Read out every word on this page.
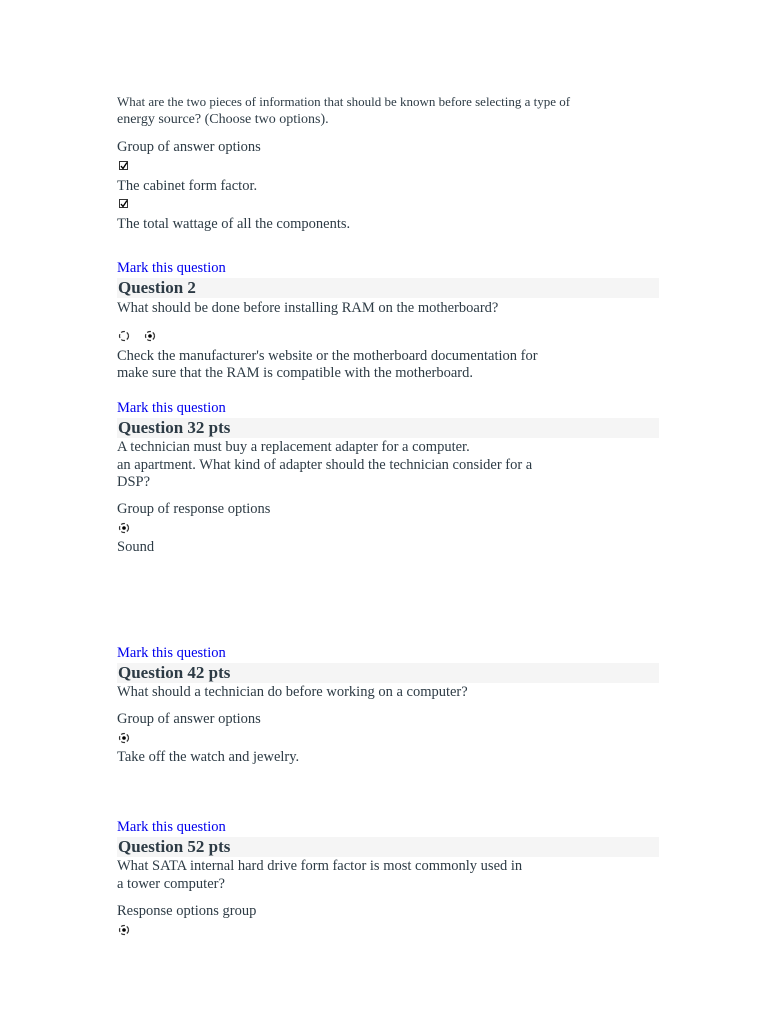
What are the two pieces of information that should be known before selecting a type of
energy source? (Choose two options).
Group of answer options
The cabinet form factor.
The total wattage of all the components.
Mark this question
Question 2
What should be done before installing RAM on the motherboard?
Check the manufacturer's website or the motherboard documentation for
make sure that the RAM is compatible with the motherboard.
Mark this question
Question 32 pts
A technician must buy a replacement adapter for a computer.
an apartment. What kind of adapter should the technician consider for a
DSP?
Group of response options
Sound
Mark this question
Question 42 pts
What should a technician do before working on a computer?
Group of answer options
Take off the watch and jewelry.
Mark this question
Question 52 pts
What SATA internal hard drive form factor is most commonly used in
a tower computer?
Response options group
